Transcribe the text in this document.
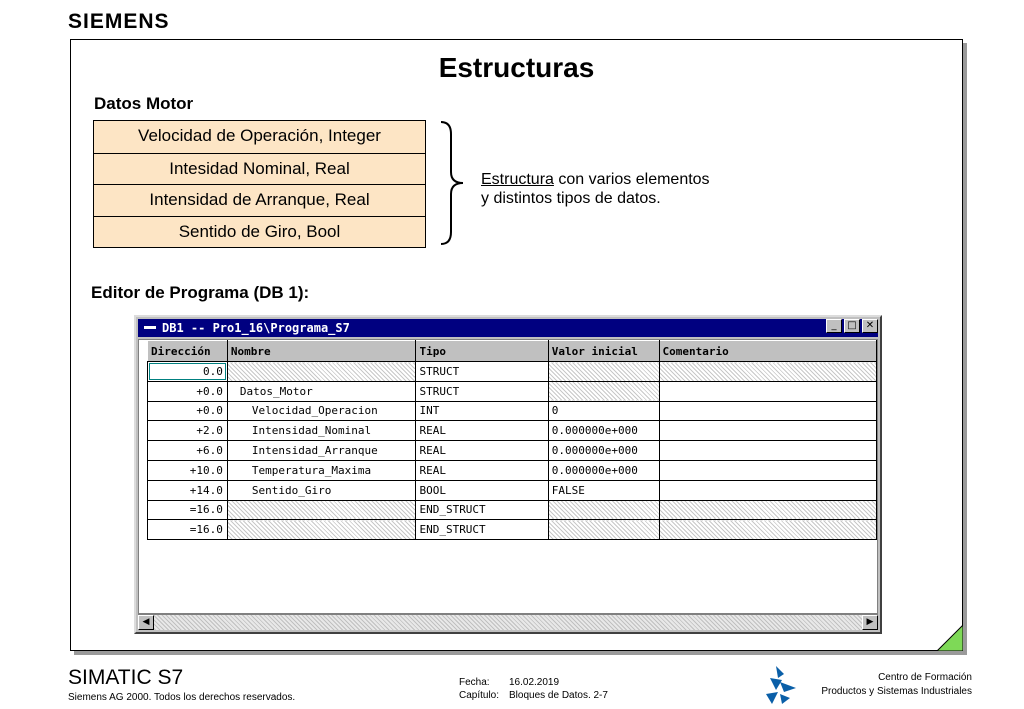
SIEMENS
Estructuras
Datos Motor
Velocidad de Operación, Integer
Intesidad Nominal, Real
Intensidad de Arranque, Real
Sentido de Giro, Bool
Estructura con varios elementos
y distintos tipos de datos.
Editor de Programa (DB 1):
DB1 -- Pro1_16\Programa_S7	_	□ ✕
Dirección	Nombre	Tipo	Valor inicial	Comentario
0.0		STRUCT		
+0.0	Datos_Motor	STRUCT		
+0.0	Velocidad_Operacion	INT	0	
+2.0	Intensidad_Nominal	REAL	0.000000e+000	
+6.0	Intensidad_Arranque	REAL	0.000000e+000	
+10.0	Temperatura_Maxima	REAL	0.000000e+000	
+14.0	Sentido_Giro	BOOL	FALSE	
=16.0		END_STRUCT		
=16.0		END_STRUCT		
◀	▶
SIMATIC S7
Siemens AG 2000. Todos los derechos reservados.
Fecha: 16.02.2019
Capítulo: Bloques de Datos. 2-7
Centro de Formación
Productos y Sistemas Industriales
